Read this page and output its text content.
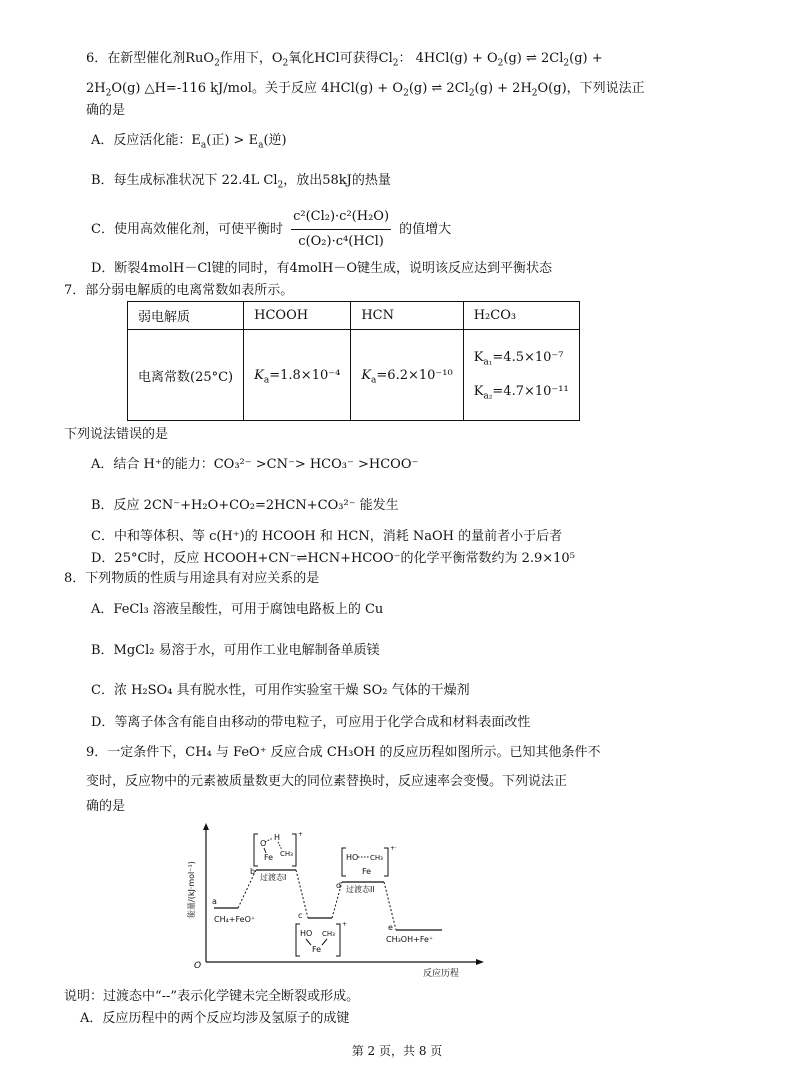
6．在新型催化剂RuO$_2$作用下，$O_2$氧化HCl可获得$Cl_2$： $4HCl(g) + O_2(g)$ ⇌ $2Cl_2(g)$ +
$2H_2O(g)$ △H=-116 kJ/mol。关于反应 $4HCl(g) + O_2(g)$ ⇌ $2Cl_2(g) + 2H_2O(g)$，下列说法正
确的是
A．反应活化能：$E_a$(正) > $E_a$(逆)
B．每生成标准状况下 22.4L $Cl_2$，放出58kJ的热量
C．使用高效催化剂，可使平衡时 $\frac{\text{c²(Cl₂)·c²(H₂O)}}{\text{c(O₂)·c⁴(HCl)}}$ 的值增大
D．断裂4molH－Cl键的同时，有4molH－O键生成，说明该反应达到平衡状态
7．部分弱电解质的电离常数如表所示。
弱电解质	HCOOH	HCN	H₂CO₃
电离常数(25°C)	$K_a=1.8\times 10^{-4}$	$K_a=6.2\times 10^{-10}$	$K_{a_1}=4.5\times 10^{-7}$
$K_{a_2}=4.7\times 10^{-11}$
下列说法错误的是
A．结合 H⁺的能力：CO₃²⁻ >CN⁻> HCO₃⁻ >HCOO⁻
B．反应 2CN⁻+H₂O+CO₂=2HCN+CO₃²⁻ 能发生
C．中和等体积、等 c(H⁺)的 HCOOH 和 HCN，消耗 NaOH 的量前者小于后者
D．25°C时，反应 HCOOH+CN⁻⇌HCN+HCOO⁻的化学平衡常数约为 2.9×10⁵
8．下列物质的性质与用途具有对应关系的是
A．FeCl₃ 溶液呈酸性，可用于腐蚀电路板上的 Cu
B．MgCl₂ 易溶于水，可用作工业电解制备单质镁
C．浓 H₂SO₄ 具有脱水性，可用作实验室干燥 SO₂ 气体的干燥剂
D．等离子体含有能自由移动的带电粒子，可应用于化学合成和材料表面改性
9．一定条件下，CH₄ 与 FeO⁺ 反应合成 CH₃OH 的反应历程如图所示。已知其他条件不
变时，反应物中的元素被质量数更大的同位素替换时，反应速率会变慢。下列说法正
确的是
O
反应历程
能量/(kJ·mol⁻¹) a
b
c
d
e
CH₄+FeO⁺
CH₃OH+Fe⁺
过渡态I
过渡态II
+
O
H
Fe CH₃
+
HO CH₃
Fe
+·
HO CH₃
Fe
说明：过渡态中“--”表示化学键未完全断裂或形成。
A．反应历程中的两个反应均涉及氢原子的成键
第 2 页，共 8 页
